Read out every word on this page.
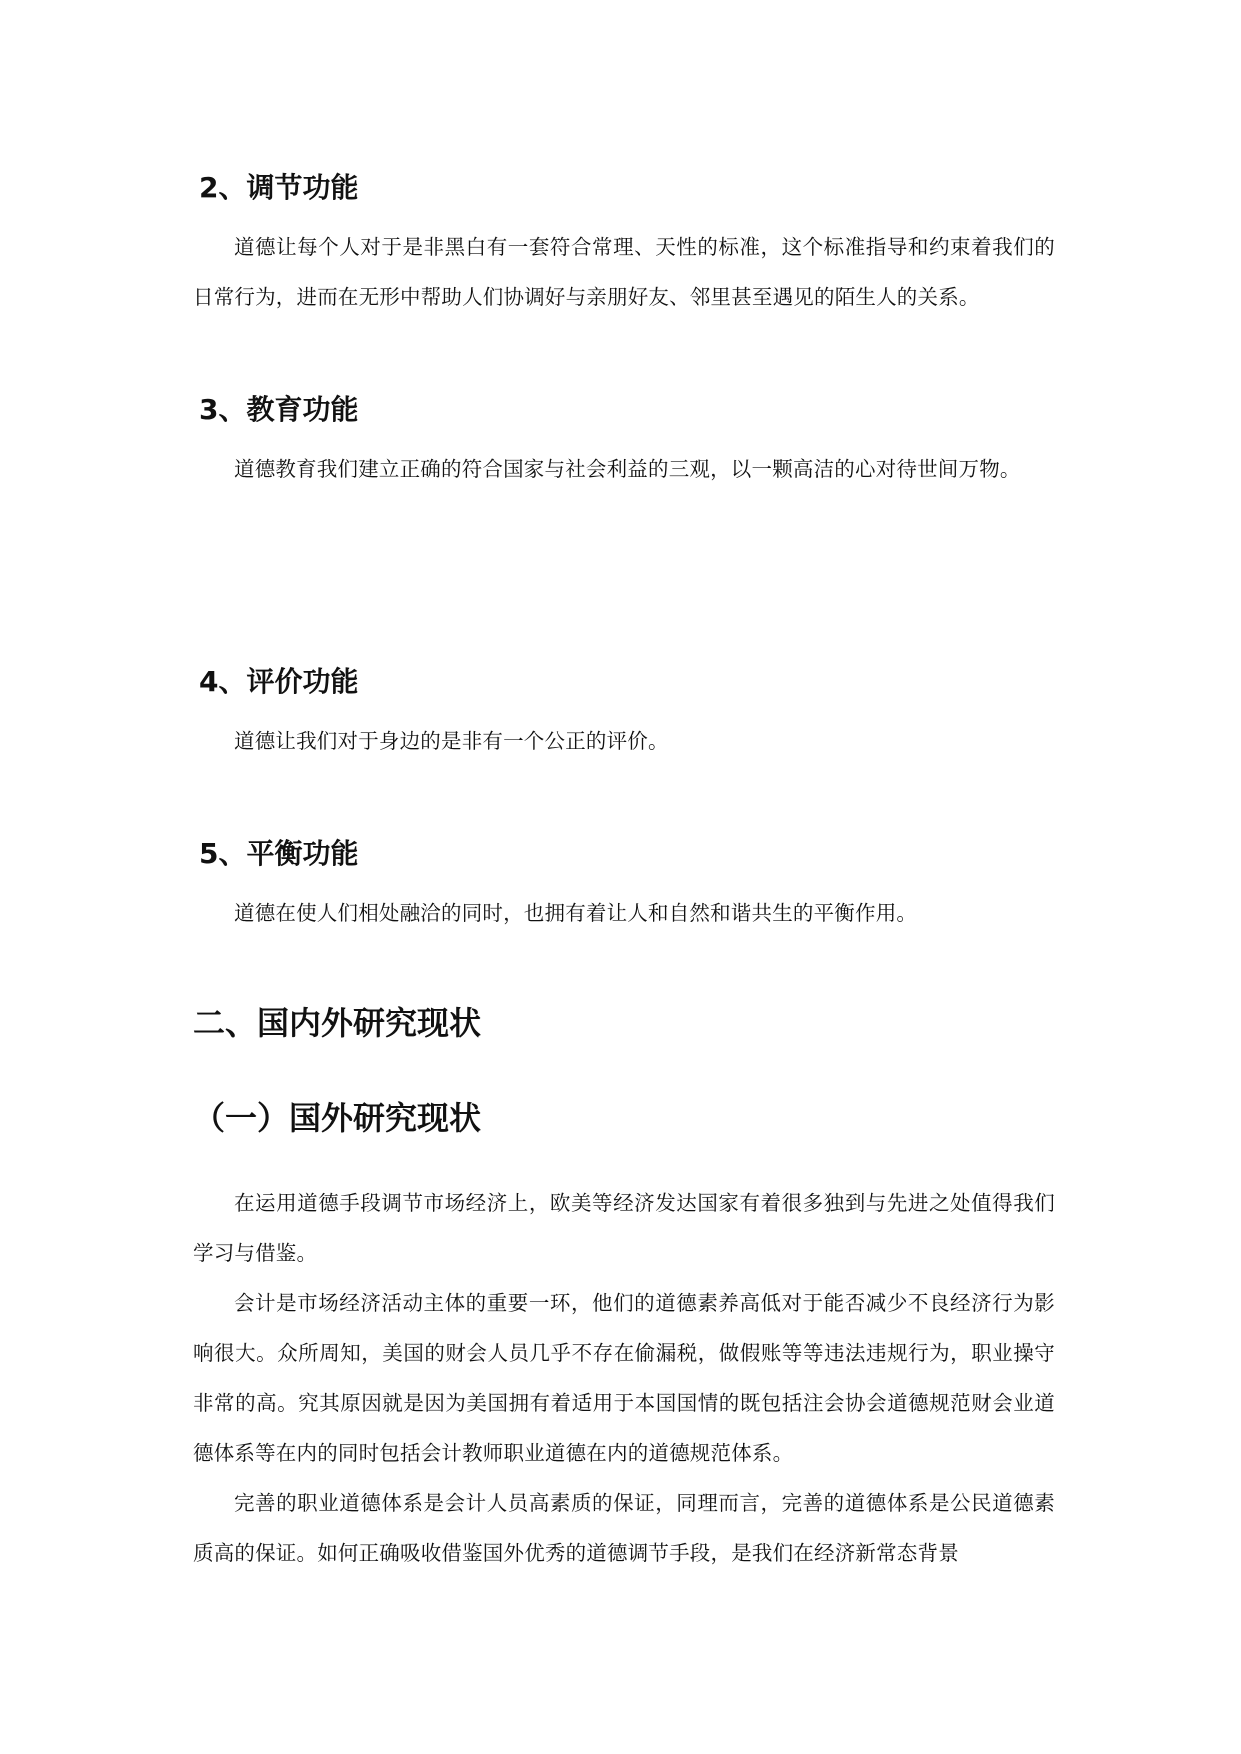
2、调节功能

道德让每个人对于是非黑白有一套符合常理、天性的标准，这个标准指导和约束着我们的日常行为，进而在无形中帮助人们协调好与亲朋好友、邻里甚至遇见的陌生人的关系。

3、教育功能

道德教育我们建立正确的符合国家与社会利益的三观，以一颗高洁的心对待世间万物。

4、评价功能

道德让我们对于身边的是非有一个公正的评价。

5、平衡功能

道德在使人们相处融洽的同时，也拥有着让人和自然和谐共生的平衡作用。

二、国内外研究现状
（一）国外研究现状

在运用道德手段调节市场经济上，欧美等经济发达国家有着很多独到与先进之处值得我们学习与借鉴。

会计是市场经济活动主体的重要一环，他们的道德素养高低对于能否减少不良经济行为影响很大。众所周知，美国的财会人员几乎不存在偷漏税，做假账等等违法违规行为，职业操守非常的高。究其原因就是因为美国拥有着适用于本国国情的既包括注会协会道德规范财会业道德体系等在内的同时包括会计教师职业道德在内的道德规范体系。

完善的职业道德体系是会计人员高素质的保证，同理而言，完善的道德体系是公民道德素质高的保证。如何正确吸收借鉴国外优秀的道德调节手段，是我们在经济新常态背景
